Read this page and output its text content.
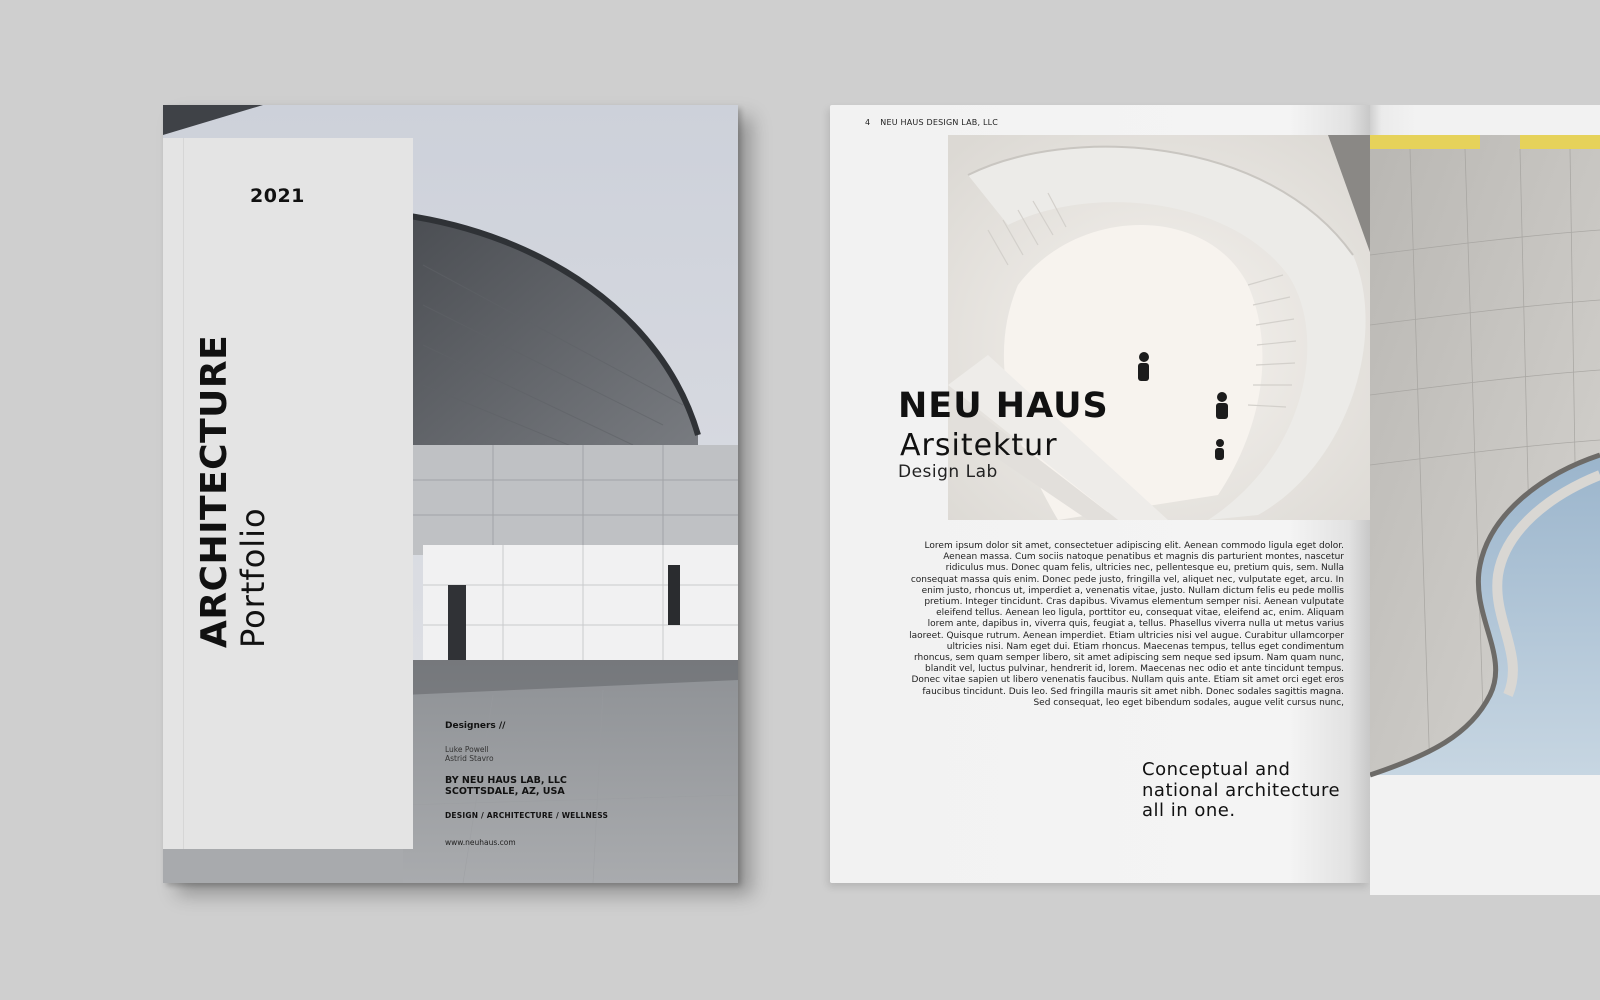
ARCHITECTURE Portfolio
2021
Designers //
Luke Powell
Astrid Stavro
BY NEU HAUS LAB, LLC
SCOTTSDALE, AZ, USA
DESIGN / ARCHITECTURE / WELLNESS
www.neuhaus.com
4 NEU HAUS DESIGN LAB, LLC
NEU HAUS
Arsitektur
Design Lab
Lorem ipsum dolor sit amet, consectetuer adipiscing elit. Aenean commodo ligula eget dolor. Aenean massa. Cum sociis natoque penatibus et magnis dis parturient montes, nascetur ridiculus mus. Donec quam felis, ultricies nec, pellentesque eu, pretium quis, sem. Nulla consequat massa quis enim. Donec pede justo, fringilla vel, aliquet nec, vulputate eget, arcu. In enim justo, rhoncus ut, imperdiet a, venenatis vitae, justo. Nullam dictum felis eu pede mollis pretium. Integer tincidunt. Cras dapibus. Vivamus elementum semper nisi. Aenean vulputate eleifend tellus. Aenean leo ligula, porttitor eu, consequat vitae, eleifend ac, enim. Aliquam lorem ante, dapibus in, viverra quis, feugiat a, tellus. Phasellus viverra nulla ut metus varius laoreet. Quisque rutrum. Aenean imperdiet. Etiam ultricies nisi vel augue. Curabitur ullamcorper ultricies nisi. Nam eget dui. Etiam rhoncus. Maecenas tempus, tellus eget condimentum rhoncus, sem quam semper libero, sit amet adipiscing sem neque sed ipsum. Nam quam nunc, blandit vel, luctus pulvinar, hendrerit id, lorem. Maecenas nec odio et ante tincidunt tempus. Donec vitae sapien ut libero venenatis faucibus. Nullam quis ante. Etiam sit amet orci eget eros faucibus tincidunt. Duis leo. Sed fringilla mauris sit amet nibh. Donec sodales sagittis magna. Sed consequat, leo eget bibendum sodales, augue velit cursus nunc,
Conceptual and national architecture all in one.
